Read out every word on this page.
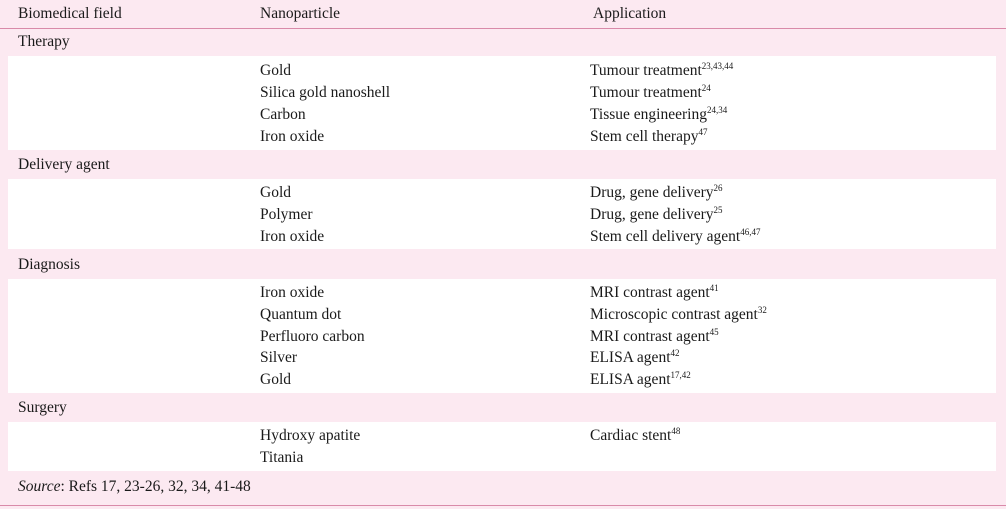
Biomedical field	Nanoparticle	Application
Therapy
Gold	Tumour treatment$^{23,43,44}$
Silica gold nanoshell	Tumour treatment$^{24}$
Carbon	Tissue engineering$^{24,34}$
Iron oxide	Stem cell therapy$^{47}$
Delivery agent
Gold	Drug, gene delivery$^{26}$
Polymer	Drug, gene delivery$^{25}$
Iron oxide	Stem cell delivery agent$^{46,47}$
Diagnosis
Iron oxide	MRI contrast agent$^{41}$
Quantum dot	Microscopic contrast agent$^{32}$
Perfluoro carbon	MRI contrast agent$^{45}$
Silver	ELISA agent$^{42}$
Gold	ELISA agent$^{17,42}$
Surgery
Hydroxy apatite	Cardiac stent$^{48}$
Titania
Source: Refs 17, 23-26, 32, 34, 41-48
